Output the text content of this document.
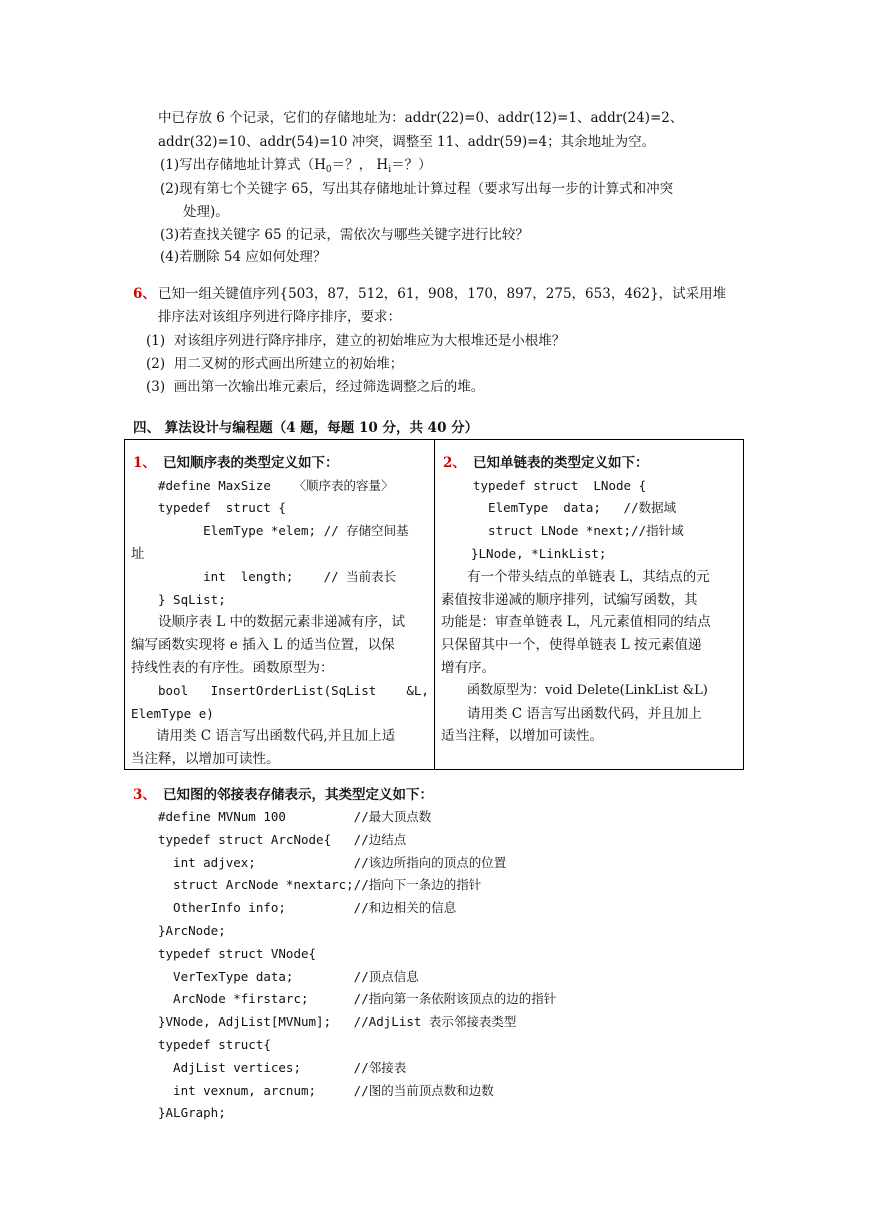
中已存放 6 个记录，它们的存储地址为：addr(22)=0、addr(12)=1、addr(24)=2、
addr(32)=10、addr(54)=10 冲突，调整至 11、addr(59)=4；其余地址为空。
(1)写出存储地址计算式（$H_0=$？， $H_i=$？）
(2)现有第七个关键字 65，写出其存储地址计算过程（要求写出每一步的计算式和冲突
处理)。
(3)若查找关键字 65 的记录，需依次与哪些关键字进行比较？
(4)若删除 54 应如何处理？
6、 已知一组关键值序列{503，87，512，61，908，170，897，275，653，462}，试采用堆
排序法对该组序列进行降序排序，要求：
(1)  对该组序列进行降序排序，建立的初始堆应为大根堆还是小根堆？
(2)  用二叉树的形式画出所建立的初始堆；
(3)  画出第一次输出堆元素后，经过筛选调整之后的堆。
四、 算法设计与编程题（4 题，每题 10 分，共 40 分）
1、 已知顺序表的类型定义如下：
#define MaxSize   〈顺序表的容量〉
typedef  struct {
ElemType *elem; // 存储空间基
址
int  length;    // 当前表长
} SqList;
设顺序表 L 中的数据元素非递减有序，试
编写函数实现将 e 插入 L 的适当位置，以保
持线性表的有序性。函数原型为：
bool   InsertOrderList(SqList    &L,
ElemType e)
请用类 C 语言写出函数代码,并且加上适
当注释，以增加可读性。
2、 已知单链表的类型定义如下：
typedef struct  LNode {
ElemType  data;   //数据域
struct LNode *next;//指针域
}LNode, *LinkList;
有一个带头结点的单链表 L，其结点的元
素值按非递减的顺序排列，试编写函数，其
功能是：审查单链表 L，凡元素值相同的结点
只保留其中一个，使得单链表 L 按元素值递
增有序。
函数原型为：void Delete(LinkList &L)
请用类 C 语言写出函数代码，并且加上
适当注释，以增加可读性。
3、 已知图的邻接表存储表示，其类型定义如下：
#define MVNum 100         //最大顶点数
typedef struct ArcNode{   //边结点
int adjvex;             //该边所指向的顶点的位置
struct ArcNode *nextarc;//指向下一条边的指针
OtherInfo info;         //和边相关的信息
}ArcNode;
typedef struct VNode{
VerTexType data;        //顶点信息
ArcNode *firstarc;      //指向第一条依附该顶点的边的指针
}VNode, AdjList[MVNum];   //AdjList 表示邻接表类型
typedef struct{
AdjList vertices;       //邻接表
int vexnum, arcnum;     //图的当前顶点数和边数
}ALGraph;
